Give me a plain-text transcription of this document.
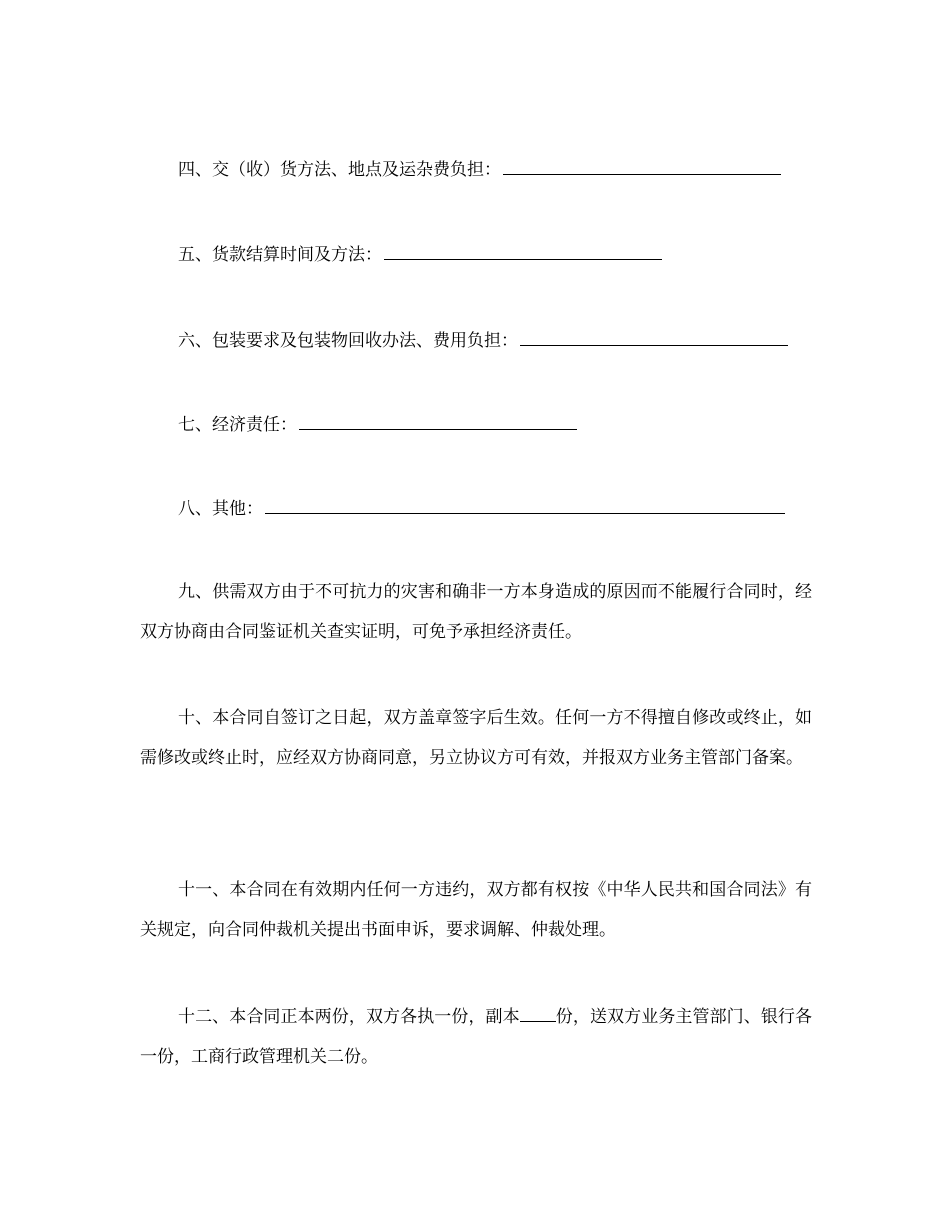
四、交（收）货方法、地点及运杂费负担：
五、货款结算时间及方法：
六、包装要求及包装物回收办法、费用负担：
七、经济责任：
八、其他：
九、供需双方由于不可抗力的灾害和确非一方本身造成的原因而不能履行合同时，经双方协商由合同鉴证机关查实证明，可免予承担经济责任。
十、本合同自签订之日起，双方盖章签字后生效。任何一方不得擅自修改或终止，如需修改或终止时，应经双方协商同意，另立协议方可有效，并报双方业务主管部门备案。
十一、本合同在有效期内任何一方违约，双方都有权按《中华人民共和国合同法》有关规定，向合同仲裁机关提出书面申诉，要求调解、仲裁处理。
十二、本合同正本两份，双方各执一份，副本 份，送双方业务主管部门、银行各一份，工商行政管理机关二份。
